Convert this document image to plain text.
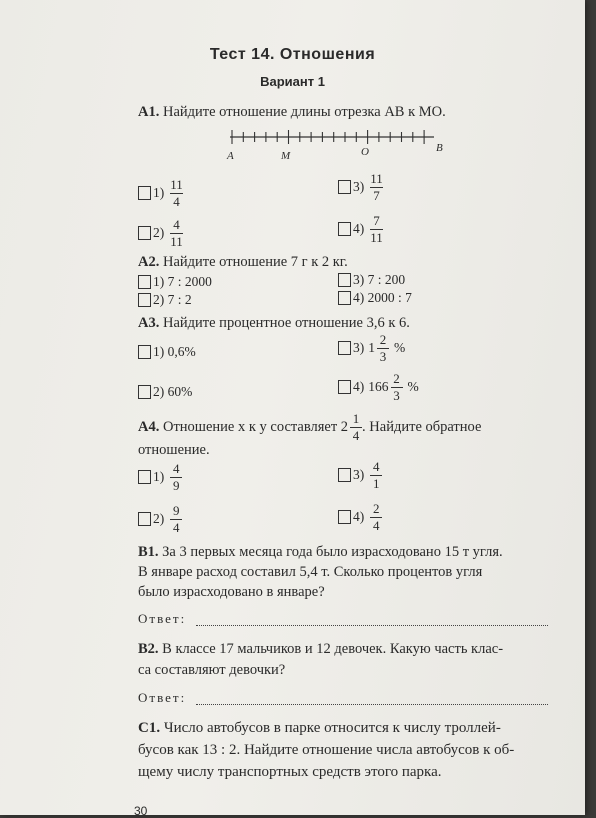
Тест 14. Отношения
Вариант 1
А1. Найдите отношение длины отрезка AB к MO.
A	M	O	B
$1) \frac{11}{4}$	$3) \frac{11}{7}$
$2) \frac{4}{11}$	$4) \frac{7}{11}$
А2. Найдите отношение 7 г к 2 кг.
1) 7 : 2000	3) 7 : 200
2) 7 : 2	4) 2000 : 7
А3. Найдите процентное отношение 3,6 к 6.
1) 0,6%	3) $1 \frac{2}{3}$ %
2) 60%	4) $166 \frac{2}{3}$ %
А4.
Отношение x к y составляет
$2 \frac{1}{4}$ . Найдите обратное
отношение.
$1) \frac{4}{9}$	$3) \frac{4}{1}$
$2) \frac{9}{4}$	$4) \frac{2}{4}$
В1. За 3 первых месяца года было израсходовано 15 т угля.
В январе расход составил 5,4 т. Сколько процентов угля
было израсходовано в январе?
Ответ:
В2. В классе 17 мальчиков и 12 девочек. Какую часть клас-
са составляют девочки?
Ответ:
С1. Число автобусов в парке относится к числу троллей-
бусов как 13 : 2. Найдите отношение числа автобусов к об-
щему числу транспортных средств этого парка.
30
